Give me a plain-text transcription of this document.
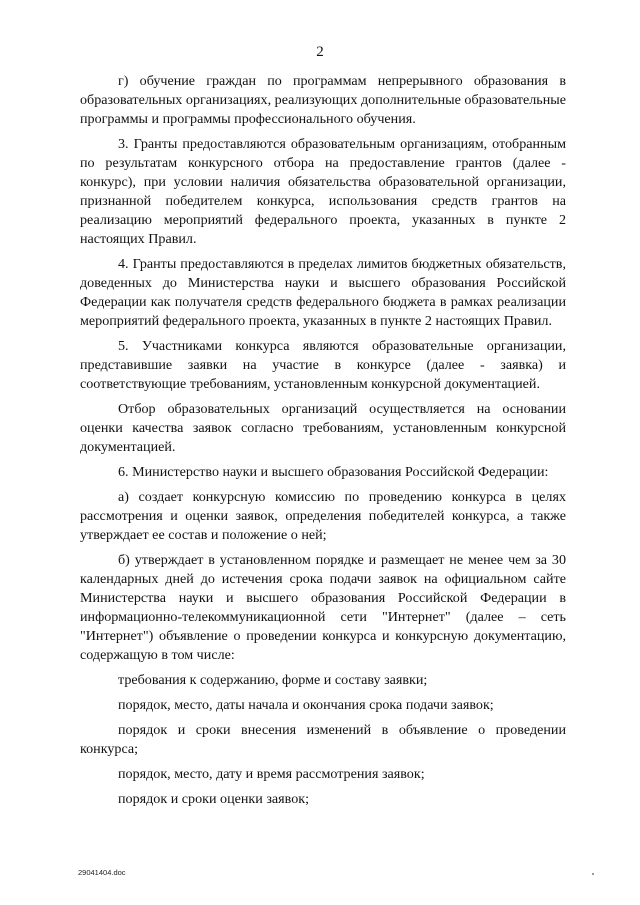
2

г) обучение граждан по программам непрерывного образования в образовательных организациях, реализующих дополнительные образовательные программы и программы профессионального обучения.

3. Гранты предоставляются образовательным организациям, отобранным по результатам конкурсного отбора на предоставление грантов (далее - конкурс), при условии наличия обязательства образовательной организации, признанной победителем конкурса, использования средств грантов на реализацию мероприятий федерального проекта, указанных в пункте 2 настоящих Правил.

4. Гранты предоставляются в пределах лимитов бюджетных обязательств, доведенных до Министерства науки и высшего образования Российской Федерации как получателя средств федерального бюджета в рамках реализации мероприятий федерального проекта, указанных в пункте 2 настоящих Правил.

5. Участниками конкурса являются образовательные организации, представившие заявки на участие в конкурсе (далее - заявка) и соответствующие требованиям, установленным конкурсной документацией.

Отбор образовательных организаций осуществляется на основании оценки качества заявок согласно требованиям, установленным конкурсной документацией.

6. Министерство науки и высшего образования Российской Федерации:

а) создает конкурсную комиссию по проведению конкурса в целях рассмотрения и оценки заявок, определения победителей конкурса, а также утверждает ее состав и положение о ней;

б) утверждает в установленном порядке и размещает не менее чем за 30 календарных дней до истечения срока подачи заявок на официальном сайте Министерства науки и высшего образования Российской Федерации в информационно-телекоммуникационной сети "Интернет" (далее – сеть "Интернет") объявление о проведении конкурса и конкурсную документацию, содержащую в том числе:

требования к содержанию, форме и составу заявки;

порядок, место, даты начала и окончания срока подачи заявок;

порядок и сроки внесения изменений в объявление о проведении конкурса;

порядок, место, дату и время рассмотрения заявок;

порядок и сроки оценки заявок;

29041404.doc
